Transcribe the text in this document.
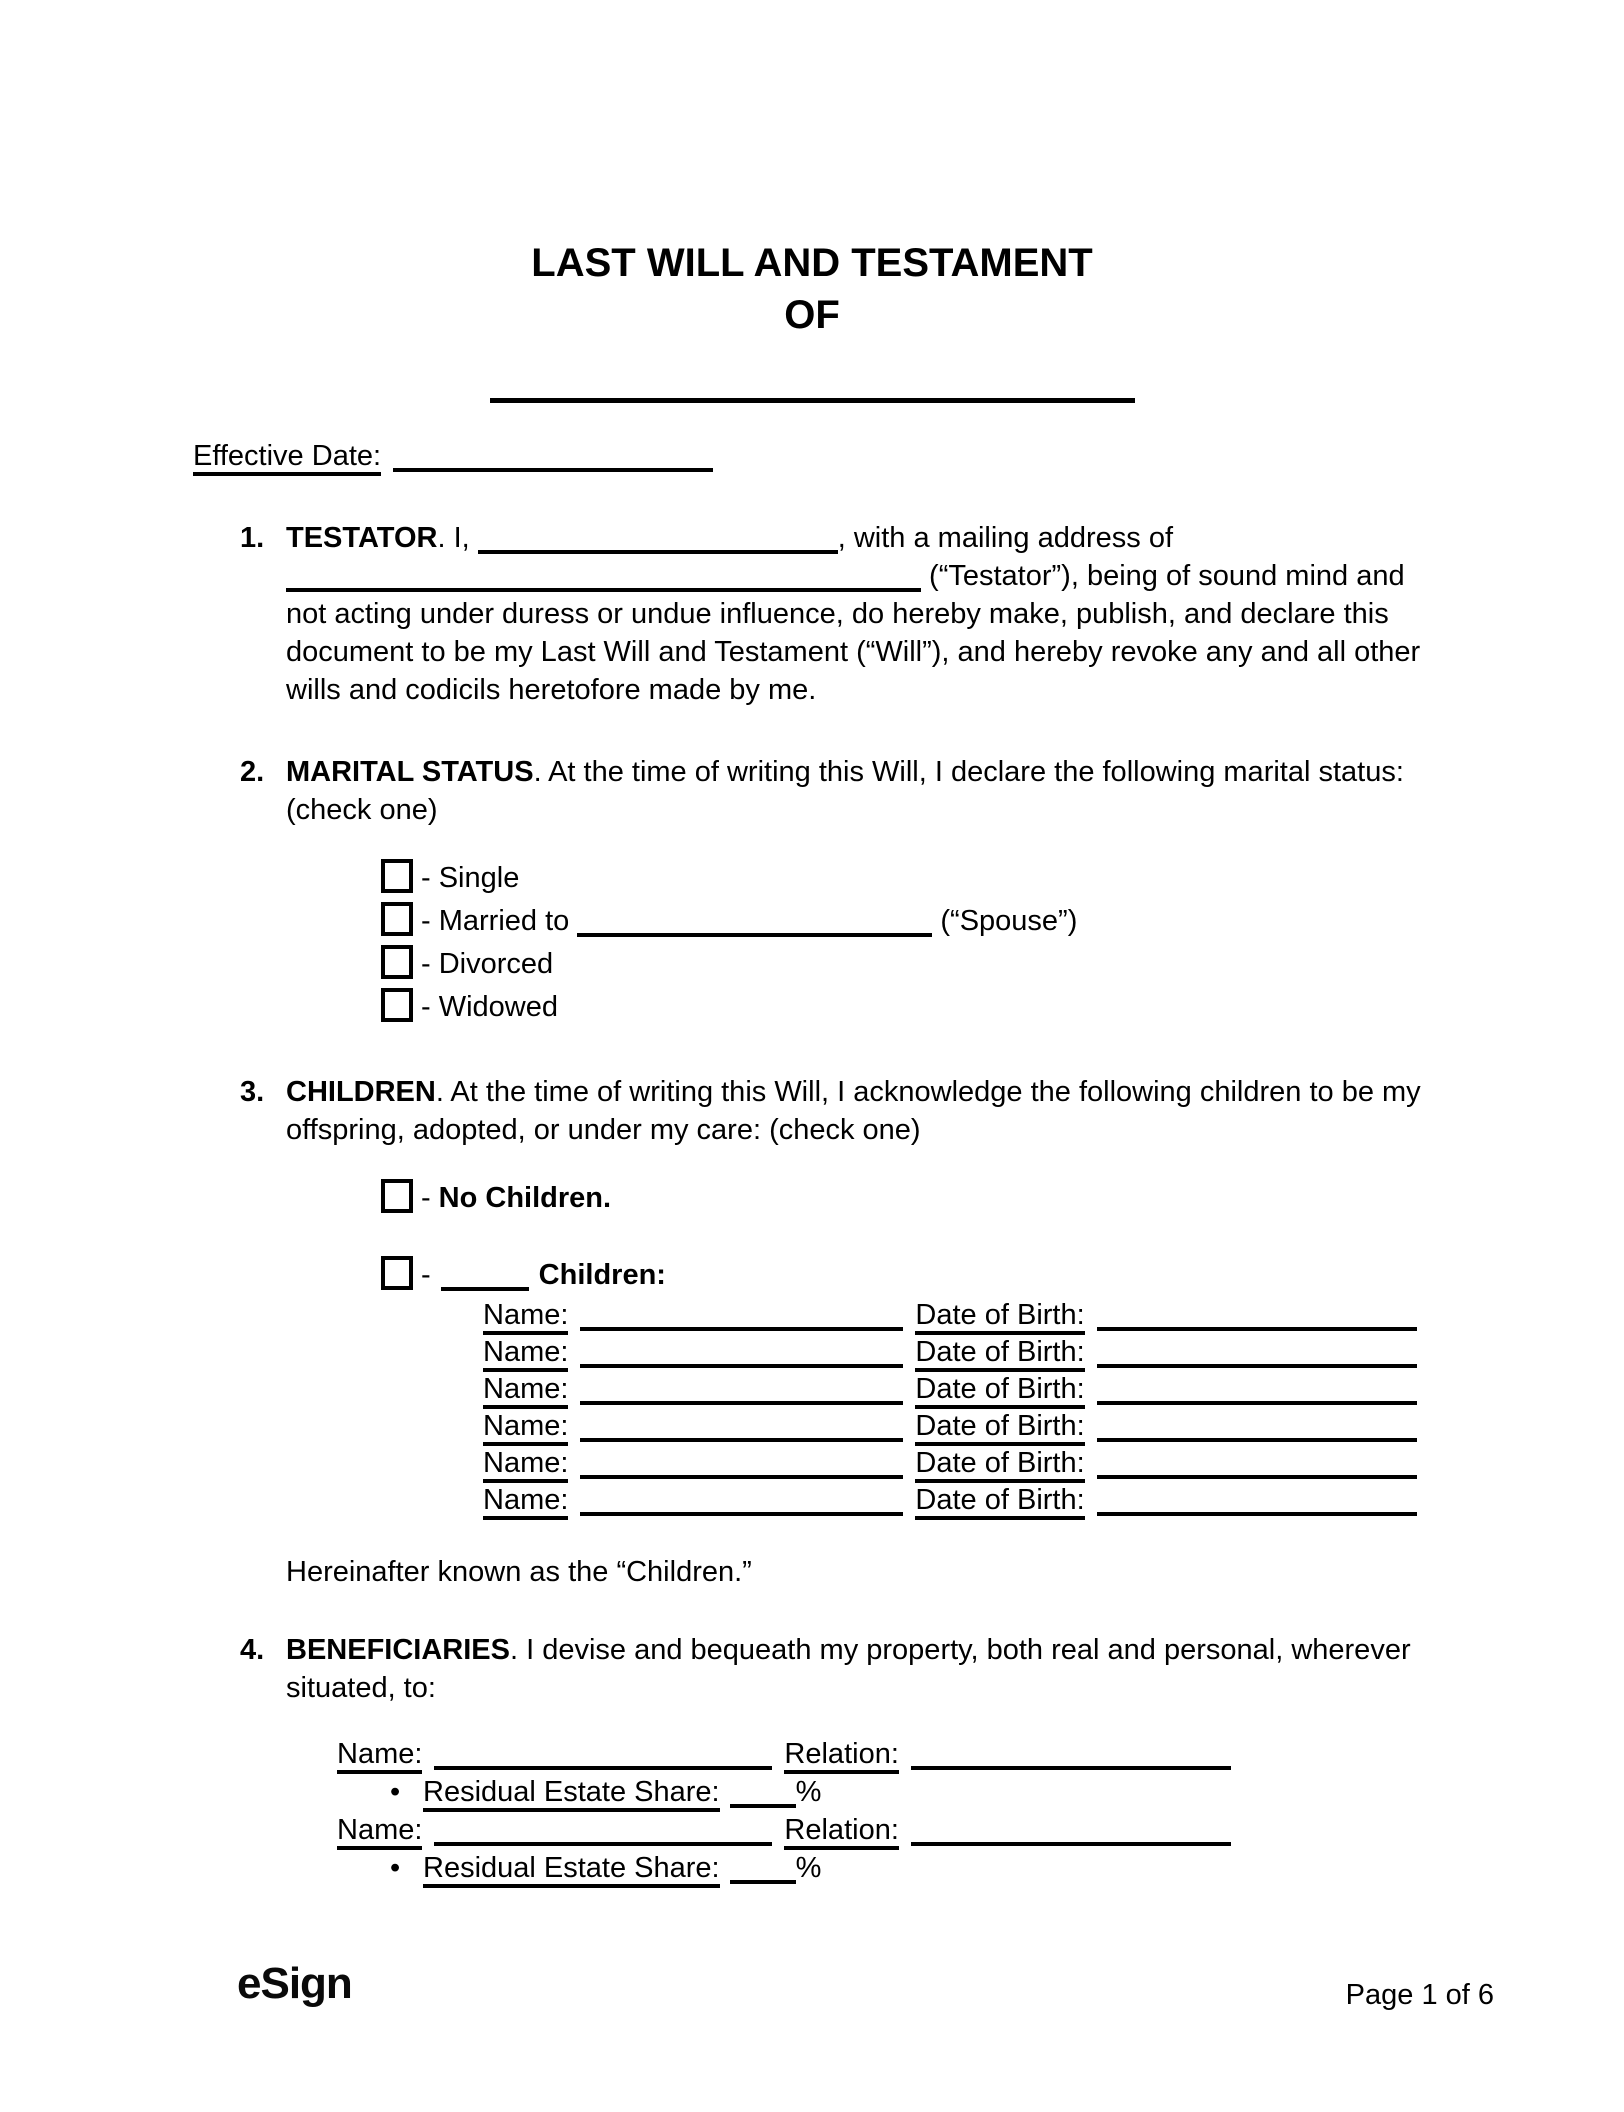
LAST WILL AND TESTAMENT
OF
Effective Date:
1. TESTATOR. I,	, with a mailing address of  (“Testator”), being of sound mind and not acting under duress or undue influence, do hereby make, publish, and declare this document to be my Last Will and Testament (“Will”), and hereby revoke any and all other wills and codicils heretofore made by me.

2. MARITAL STATUS. At the time of writing this Will, I declare the following marital status: (check one)

- Single
- Married to	(“Spouse”)
- Divorced
- Widowed
3. CHILDREN. At the time of writing this Will, I acknowledge the following children to be my offspring, adopted, or under my care: (check one)

- No Children.
-	Children:
Name:	Date of Birth:
Name:	Date of Birth:
Name:	Date of Birth:
Name:	Date of Birth:
Name:	Date of Birth:
Name:	Date of Birth:

Hereinafter known as the “Children.”

4. BENEFICIARIES. I devise and bequeath my property, both real and personal, wherever situated, to:

Name:	Relation:
• Residual Estate Share:	%
Name:	Relation:
• Residual Estate Share:	%
eSign	Page 1 of 6
